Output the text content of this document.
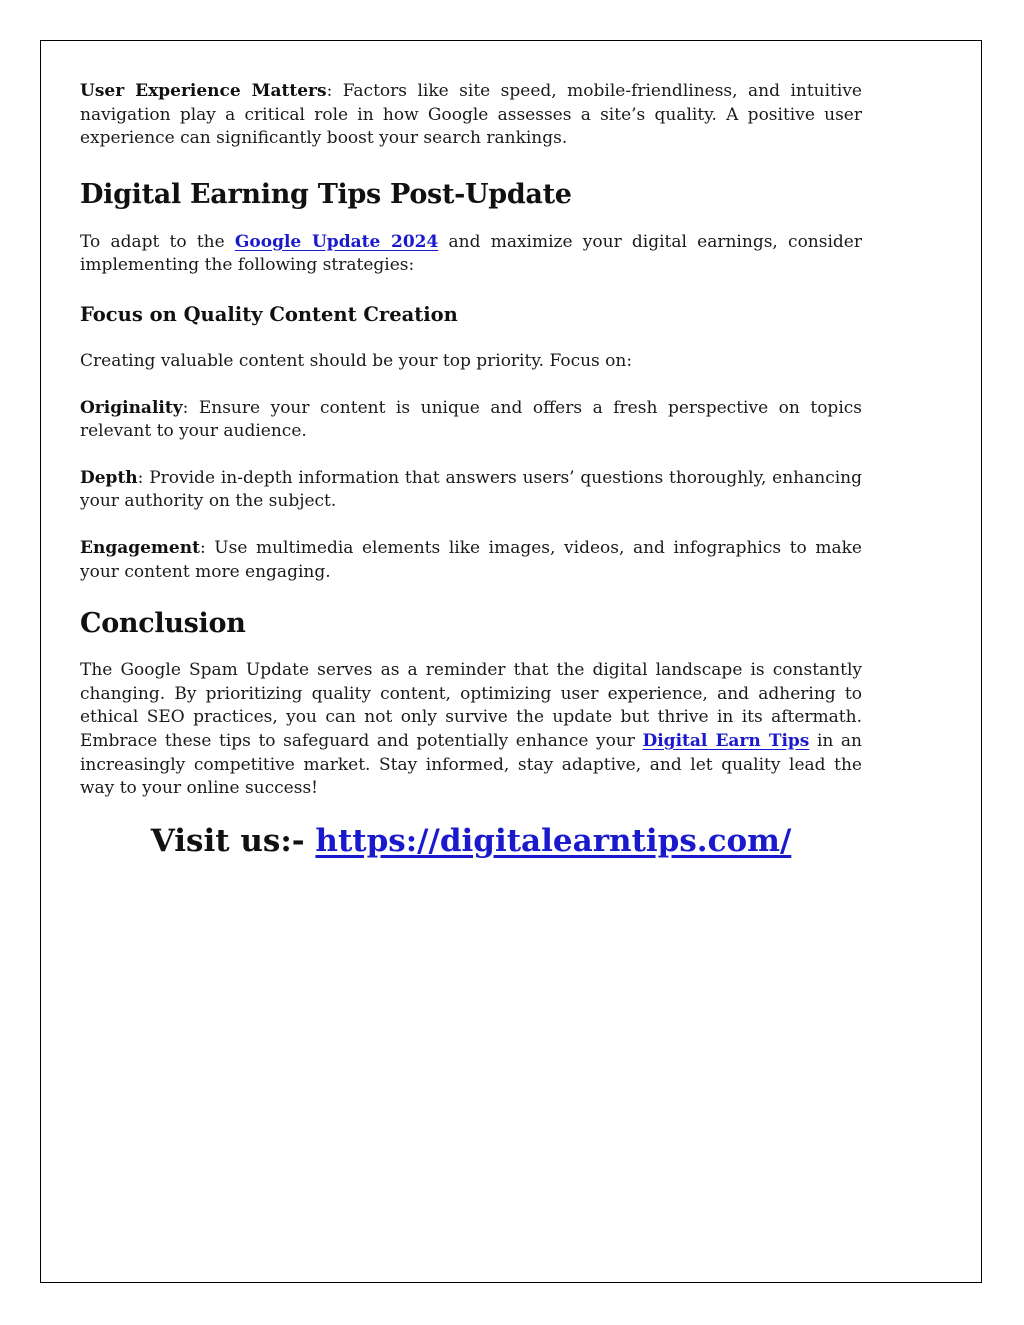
User Experience Matters: Factors like site speed, mobile-friendliness, and intuitive navigation play a critical role in how Google assesses a site’s quality. A positive user experience can significantly boost your search rankings.

Digital Earning Tips Post-Update

To adapt to the Google Update 2024 and maximize your digital earnings, consider implementing the following strategies:

Focus on Quality Content Creation

Creating valuable content should be your top priority. Focus on:

Originality: Ensure your content is unique and offers a fresh perspective on topics relevant to your audience.

Depth: Provide in-depth information that answers users’ questions thoroughly, enhancing your authority on the subject.

Engagement: Use multimedia elements like images, videos, and infographics to make your content more engaging.

Conclusion

The Google Spam Update serves as a reminder that the digital landscape is constantly changing. By prioritizing quality content, optimizing user experience, and adhering to ethical SEO practices, you can not only survive the update but thrive in its aftermath. Embrace these tips to safeguard and potentially enhance your Digital Earn Tips in an increasingly competitive market. Stay informed, stay adaptive, and let quality lead the way to your online success!

Visit us:- https://digitalearntips.com/
